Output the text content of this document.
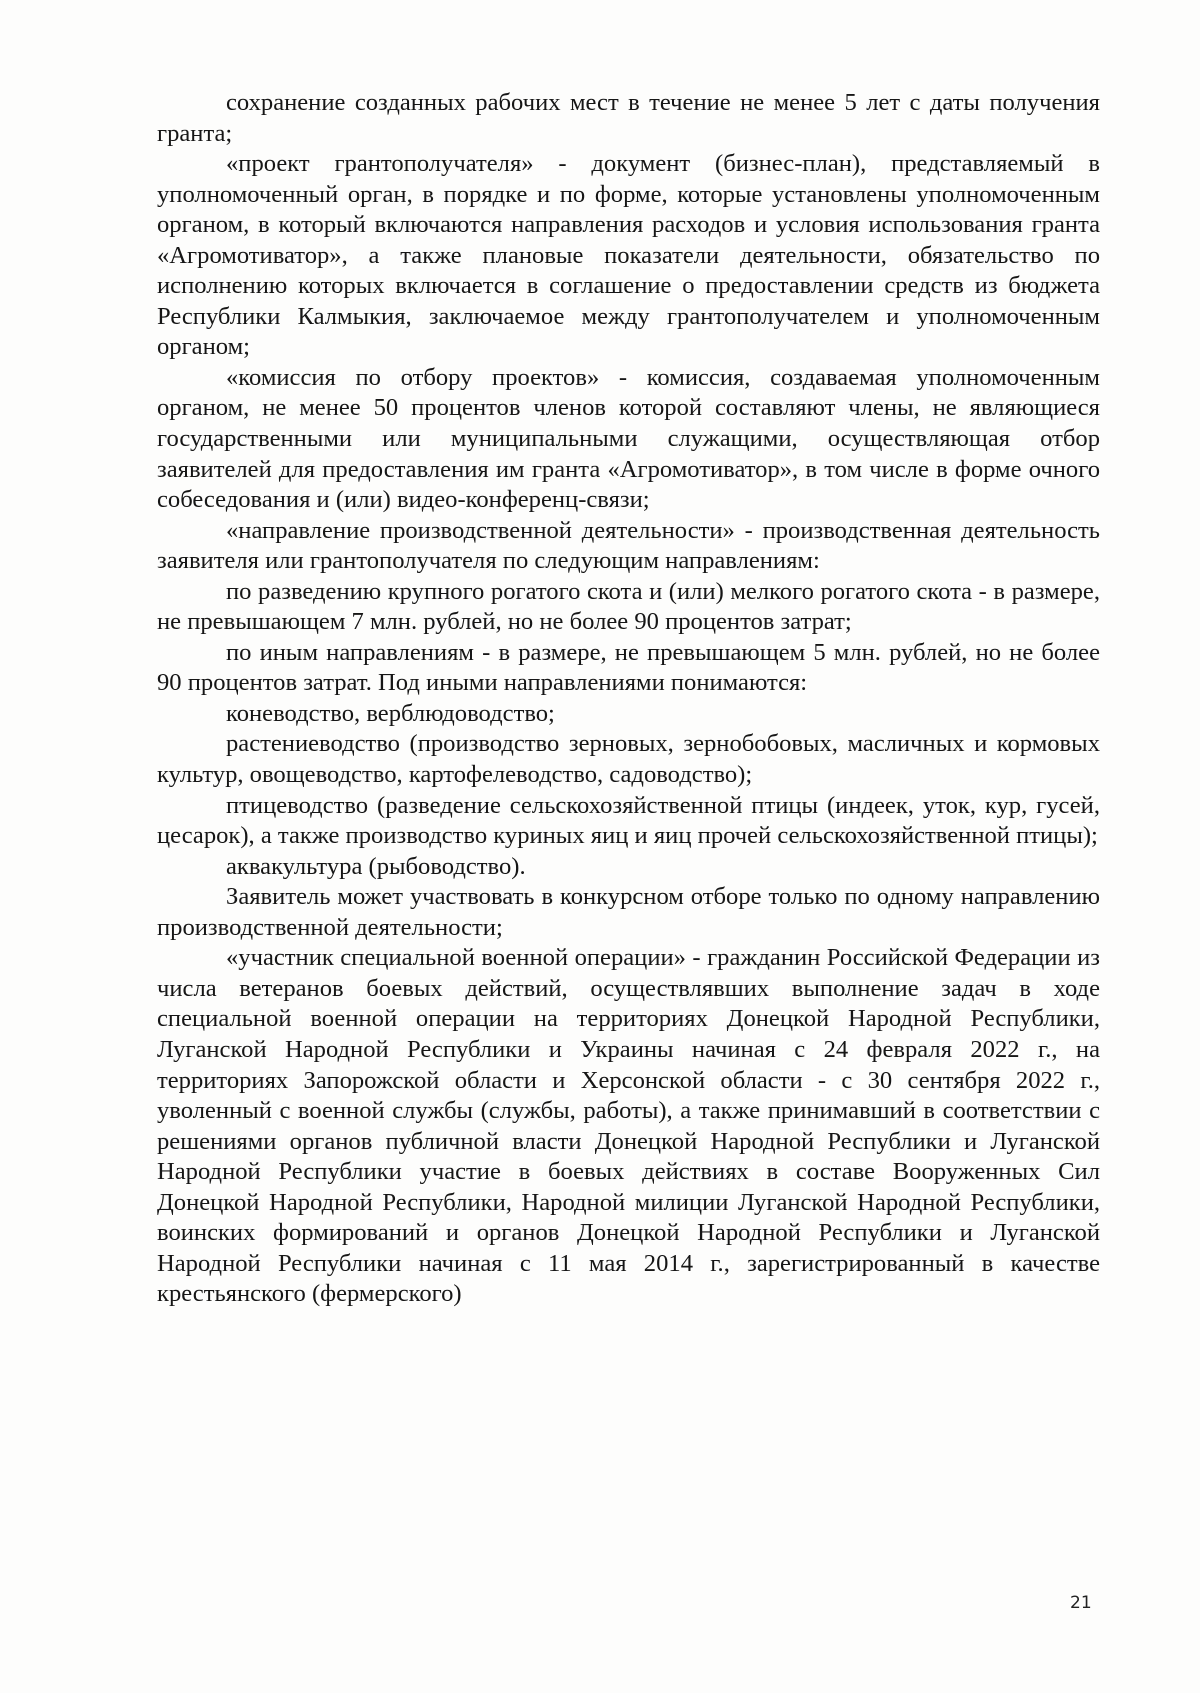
сохранение созданных рабочих мест в течение не менее 5 лет с даты получения гранта;

«проект грантополучателя» - документ (бизнес-план), представляемый в уполномоченный орган, в порядке и по форме, которые установлены уполномоченным органом, в который включаются направления расходов и условия использования гранта «Агромотиватор», а также плановые показатели деятельности, обязательство по исполнению которых включается в соглашение о предоставлении средств из бюджета Республики Калмыкия, заключаемое между грантополучателем и уполномоченным органом;

«комиссия по отбору проектов» - комиссия, создаваемая уполномоченным органом, не менее 50 процентов членов которой составляют члены, не являющиеся государственными или муниципальными служащими, осуществляющая отбор заявителей для предоставления им гранта «Агромотиватор», в том числе в форме очного собеседования и (или) видео-конференц-связи;

«направление производственной деятельности» - производственная деятельность заявителя или грантополучателя по следующим направлениям:

по разведению крупного рогатого скота и (или) мелкого рогатого скота - в размере, не превышающем 7 млн. рублей, но не более 90 процентов затрат;

по иным направлениям - в размере, не превышающем 5 млн. рублей, но не более 90 процентов затрат. Под иными направлениями понимаются:

коневодство, верблюдоводство;

растениеводство (производство зерновых, зернобобовых, масличных и кормовых культур, овощеводство, картофелеводство, садоводство);

птицеводство (разведение сельскохозяйственной птицы (индеек, уток, кур, гусей, цесарок), а также производство куриных яиц и яиц прочей сельскохозяйственной птицы);

аквакультура (рыбоводство).

Заявитель может участвовать в конкурсном отборе только по одному направлению производственной деятельности;

«участник специальной военной операции» - гражданин Российской Федерации из числа ветеранов боевых действий, осуществлявших выполнение задач в ходе специальной военной операции на территориях Донецкой Народной Республики, Луганской Народной Республики и Украины начиная с 24 февраля 2022 г., на территориях Запорожской области и Херсонской области - с 30 сентября 2022 г., уволенный с военной службы (службы, работы), а также принимавший в соответствии с решениями органов публичной власти Донецкой Народной Республики и Луганской Народной Республики участие в боевых действиях в составе Вооруженных Сил Донецкой Народной Республики, Народной милиции Луганской Народной Республики, воинских формирований и органов Донецкой Народной Республики и Луганской Народной Республики начиная с 11 мая 2014 г., зарегистрированный в качестве крестьянского (фермерского)

21
